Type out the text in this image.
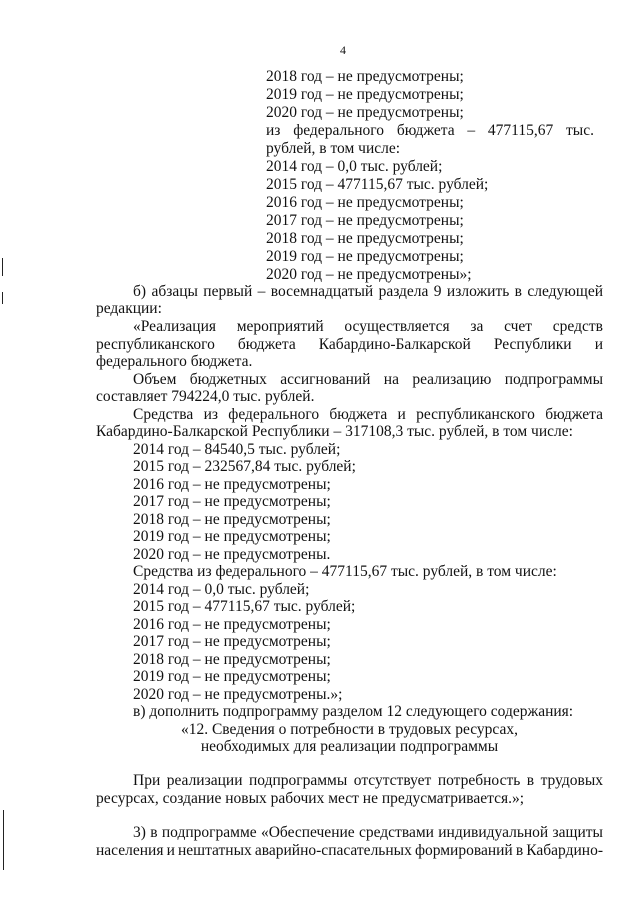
4
2018 год – не предусмотрены;
2019 год – не предусмотрены;
2020 год – не предусмотрены;
из федерального бюджета – 477115,67 тыс.
рублей, в том числе:
2014 год – 0,0 тыс. рублей;
2015 год – 477115,67 тыс. рублей;
2016 год – не предусмотрены;
2017 год – не предусмотрены;
2018 год – не предусмотрены;
2019 год – не предусмотрены;
2020 год – не предусмотрены»;
б) абзацы первый – восемнадцатый раздела 9 изложить в следующей
редакции:
«Реализация мероприятий осуществляется за счет средств
республиканского бюджета Кабардино-Балкарской Республики и
федерального бюджета.
Объем бюджетных ассигнований на реализацию подпрограммы
составляет 794224,0 тыс. рублей.
Средства из федерального бюджета и республиканского бюджета
Кабардино-Балкарской Республики – 317108,3 тыс. рублей, в том числе:
2014 год – 84540,5 тыс. рублей;
2015 год – 232567,84 тыс. рублей;
2016 год – не предусмотрены;
2017 год – не предусмотрены;
2018 год – не предусмотрены;
2019 год – не предусмотрены;
2020 год – не предусмотрены.
Средства из федерального – 477115,67 тыс. рублей, в том числе:
2014 год – 0,0 тыс. рублей;
2015 год – 477115,67 тыс. рублей;
2016 год – не предусмотрены;
2017 год – не предусмотрены;
2018 год – не предусмотрены;
2019 год – не предусмотрены;
2020 год – не предусмотрены.»;
в) дополнить подпрограмму разделом 12 следующего содержания:
«12. Сведения о потребности в трудовых ресурсах,
необходимых для реализации подпрограммы
При реализации подпрограммы отсутствует потребность в трудовых
ресурсах, создание новых рабочих мест не предусматривается.»;
3) в подпрограмме «Обеспечение средствами индивидуальной защиты
населения и нештатных аварийно-спасательных формирований в Кабардино-
